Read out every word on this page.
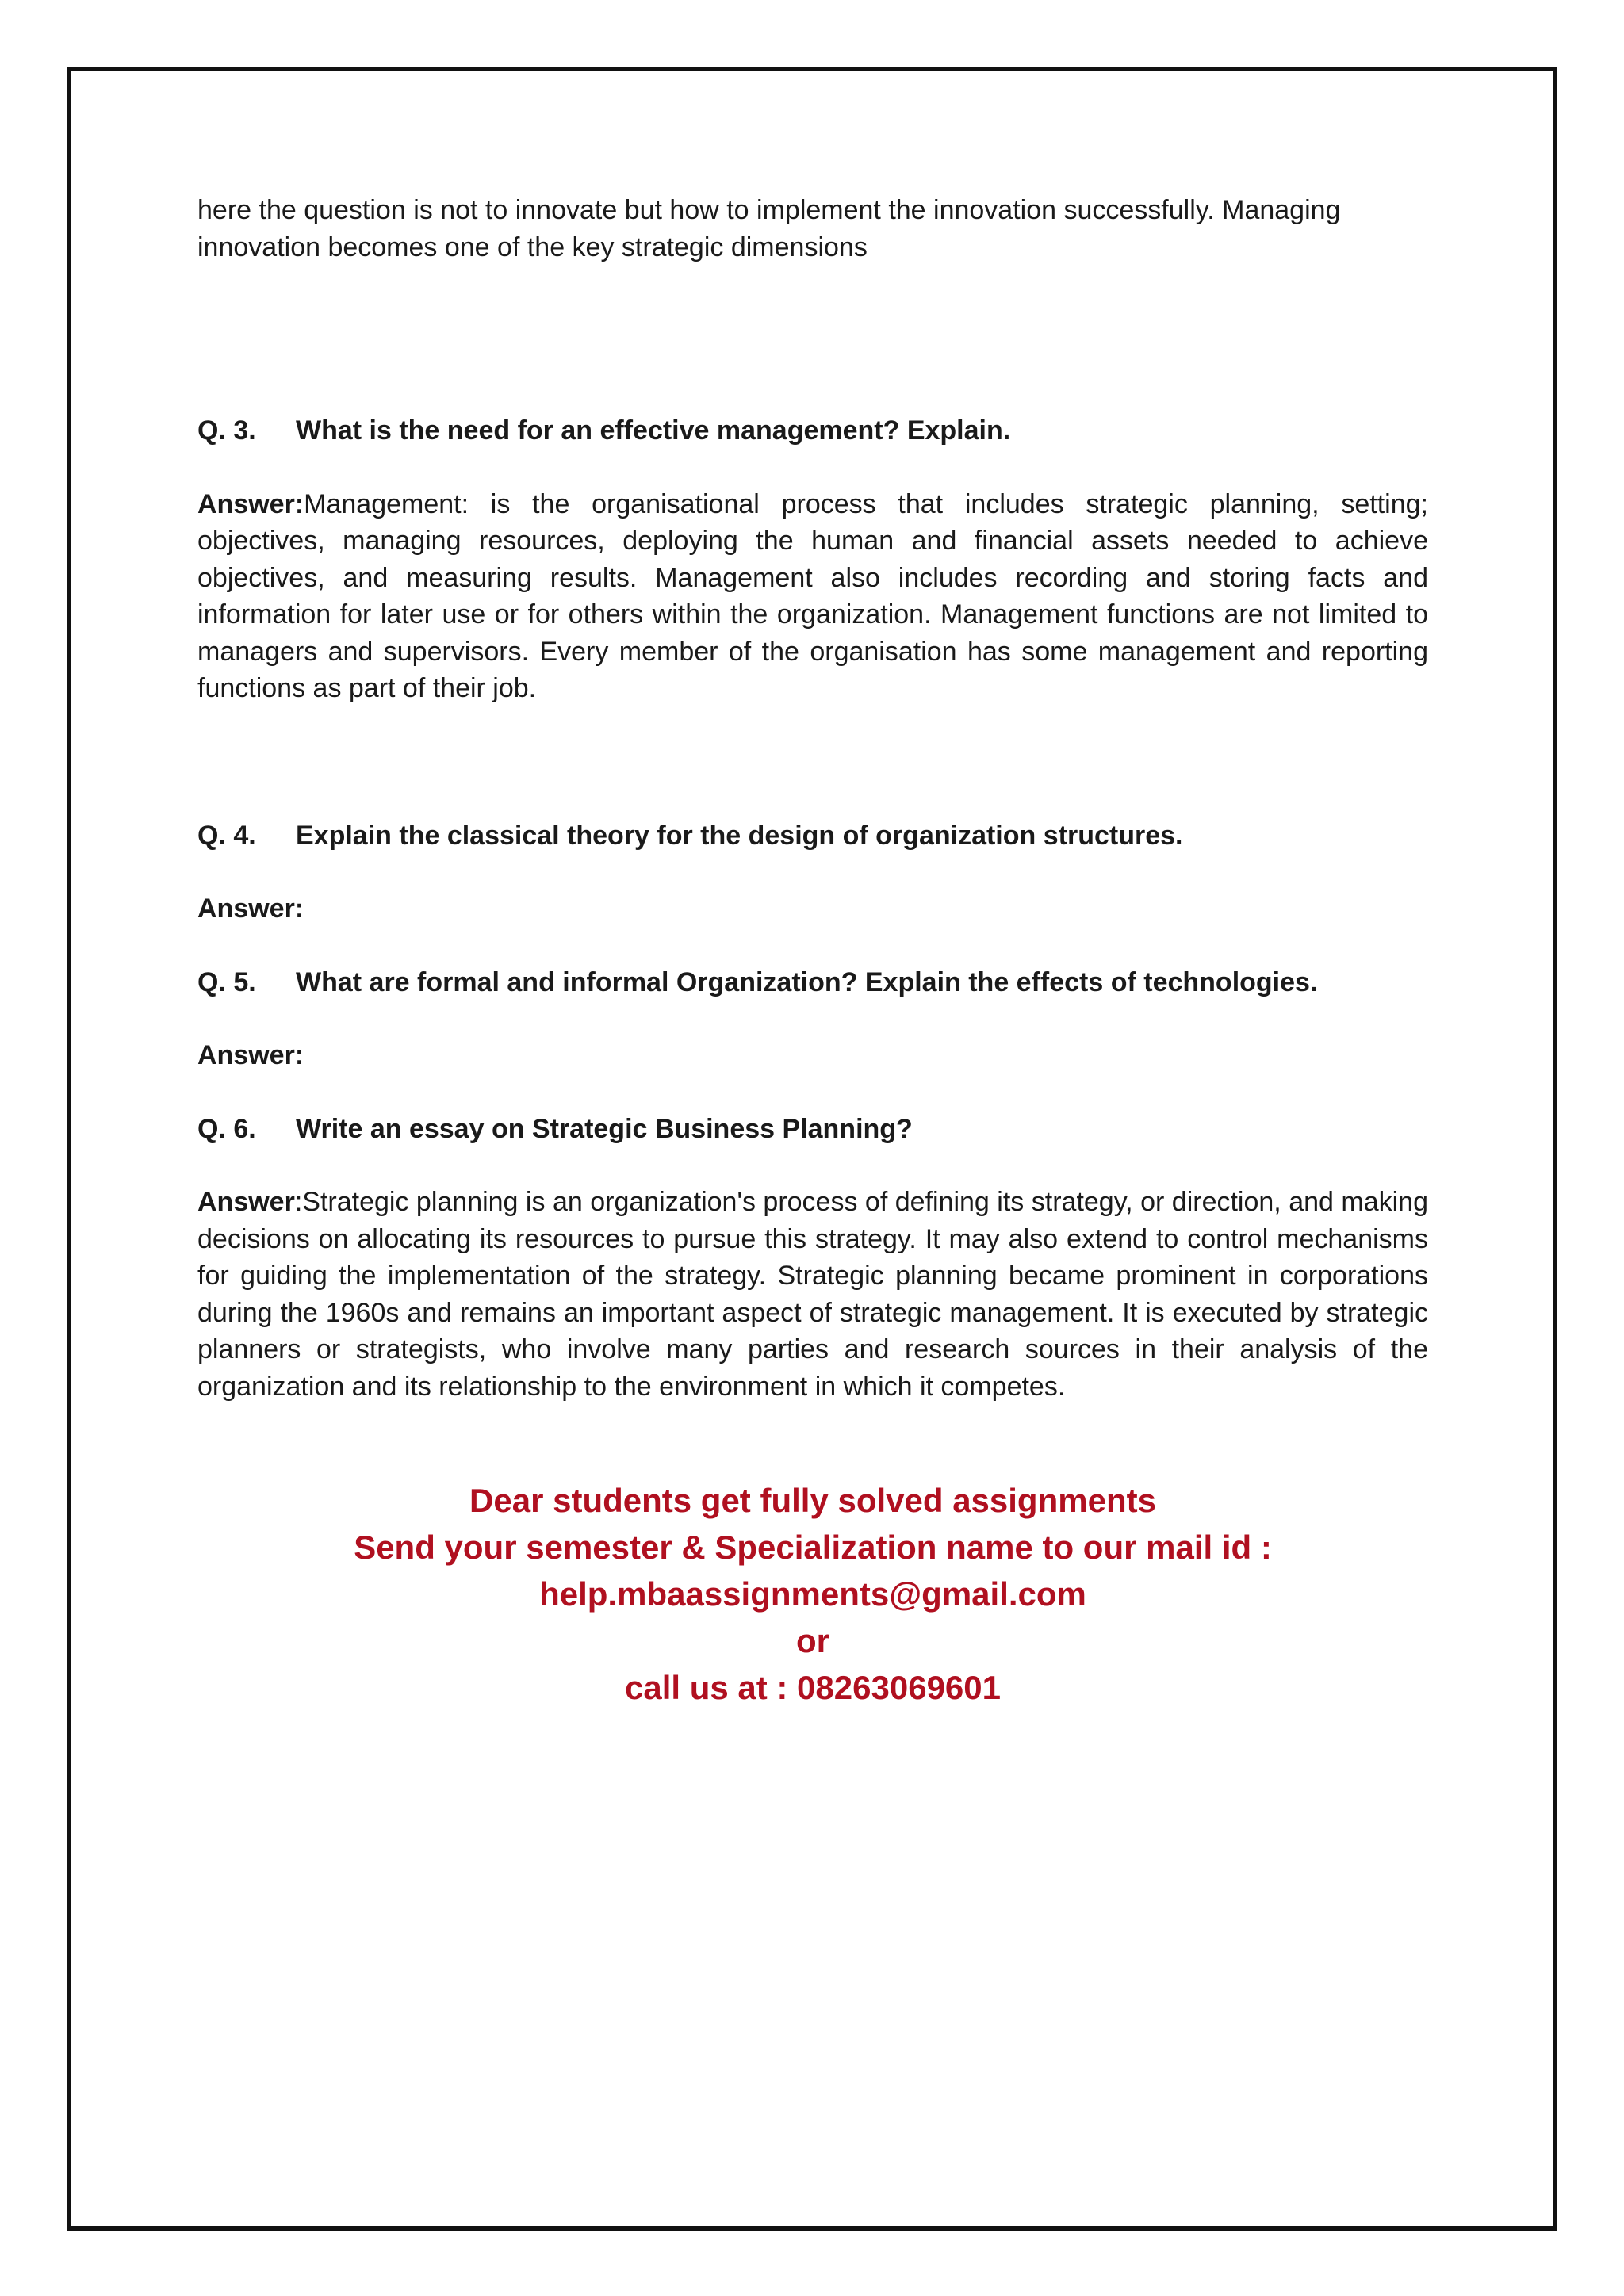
here the question is not to innovate but how to implement the innovation successfully. Managing innovation becomes one of the key strategic dimensions

Q. 3.	What is the need for an effective management? Explain.

Answer:Management: is the organisational process that includes strategic planning, setting; objectives, managing resources, deploying the human and financial assets needed to achieve objectives, and measuring results. Management also includes recording and storing facts and information for later use or for others within the organization. Management functions are not limited to managers and supervisors. Every member of the organisation has some management and reporting functions as part of their job.

Q. 4.	Explain the classical theory for the design of organization structures.

Answer:

Q. 5.	What are formal and informal Organization? Explain the effects of technologies.

Answer:

Q. 6.	Write an essay on Strategic Business Planning?

Answer:Strategic planning is an organization's process of defining its strategy, or direction, and making decisions on allocating its resources to pursue this strategy. It may also extend to control mechanisms for guiding the implementation of the strategy. Strategic planning became prominent in corporations during the 1960s and remains an important aspect of strategic management. It is executed by strategic planners or strategists, who involve many parties and research sources in their analysis of the organization and its relationship to the environment in which it competes.

Dear students get fully solved assignments
Send your semester & Specialization name to our mail id :
help.mbaassignments@gmail.com
or
call us at : 08263069601
